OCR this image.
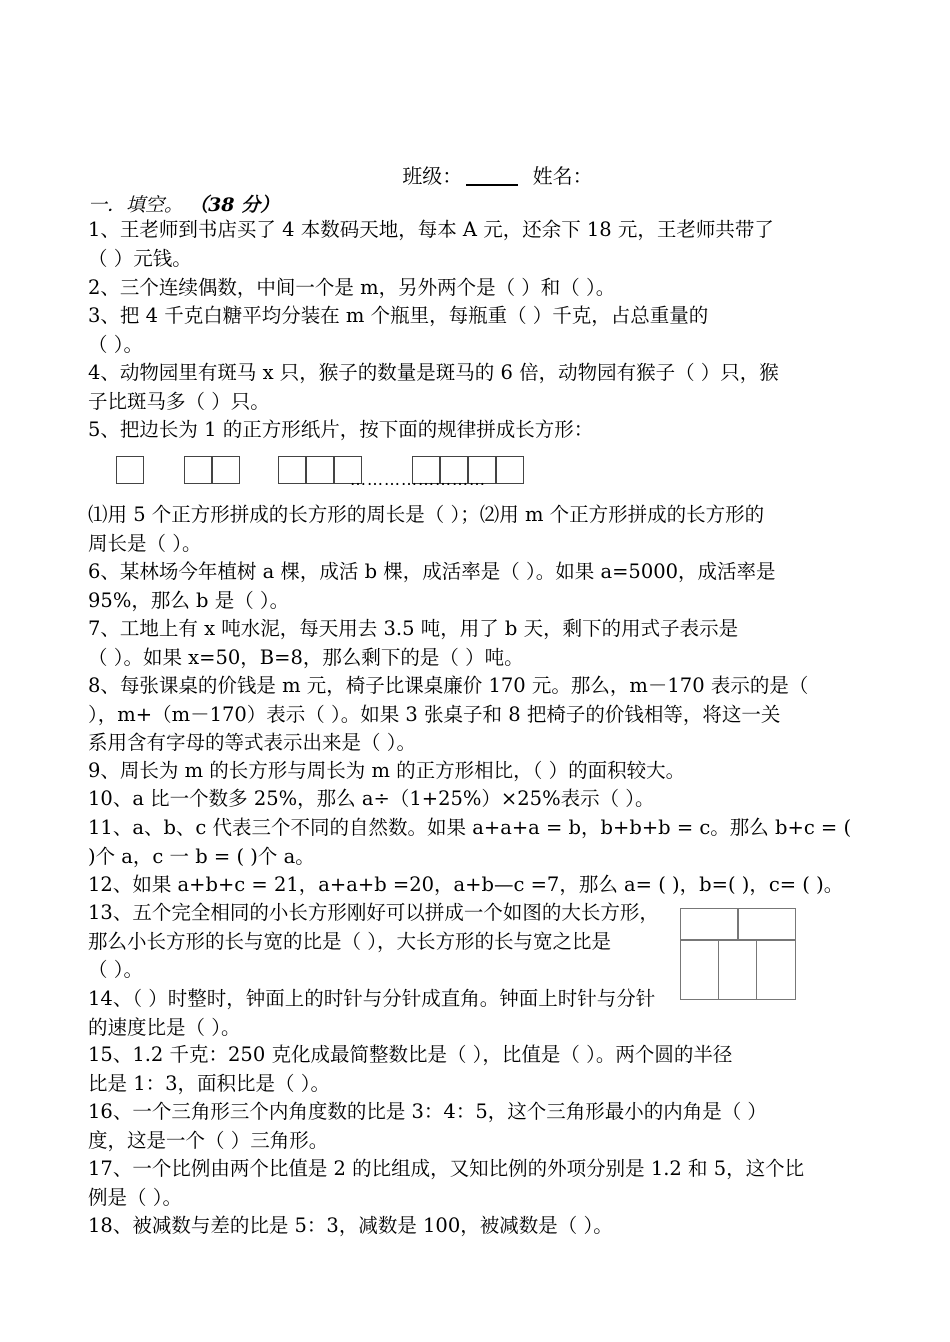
班级：	姓名：
一．填空。 （38 分）
1、王老师到书店买了 4 本数码天地，每本 A 元，还余下 18 元，王老师共带了
（ ）元钱。
2、三个连续偶数，中间一个是 m，另外两个是（ ）和（ ）。
3、把 4 千克白糖平均分装在 m 个瓶里，每瓶重（ ）千克，占总重量的
（ ）。
4、动物园里有斑马 x 只，猴子的数量是斑马的 6 倍，动物园有猴子（ ）只，猴
子比斑马多（ ）只。
5、把边长为 1 的正方形纸片，按下面的规律拼成长方形：
……………………
⑴用 5 个正方形拼成的长方形的周长是（ ）；⑵用 m 个正方形拼成的长方形的
周长是（ ）。
6、某林场今年植树 a 棵，成活 b 棵，成活率是（ ）。如果 a=5000，成活率是
95%，那么 b 是（ ）。
7、工地上有 x 吨水泥，每天用去 3.5 吨，用了 b 天，剩下的用式子表示是
（ ）。如果 x=50，B=8，那么剩下的是（ ）吨。
8、每张课桌的价钱是 m 元，椅子比课桌廉价 170 元。那么，m－170 表示的是（
），m+（m－170）表示（ ）。如果 3 张桌子和 8 把椅子的价钱相等，将这一关
系用含有字母的等式表示出来是（ ）。
9、周长为 m 的长方形与周长为 m 的正方形相比，（ ）的面积较大。
10、a 比一个数多 25%，那么 a÷（1+25%）×25%表示（ ）。
11、a、b、c 代表三个不同的自然数。如果 a+a+a = b，b+b+b = c。那么 b+c = (
)个 a，c 一 b = ( )个 a。
12、如果 a+b+c = 21，a+a+b =20，a+b—c =7，那么 a= ( )，b=( )，c= ( )。
13、五个完全相同的小长方形刚好可以拼成一个如图的大长方形，
那么小长方形的长与宽的比是（ ），大长方形的长与宽之比是
（ ）。
14、（ ）时整时，钟面上的时针与分针成直角。钟面上时针与分针
的速度比是（ ）。
15、1.2 千克：250 克化成最简整数比是（ ），比值是（ ）。两个圆的半径
比是 1：3，面积比是（ ）。
16、一个三角形三个内角度数的比是 3：4：5，这个三角形最小的内角是（ ）
度，这是一个（ ）三角形。
17、一个比例由两个比值是 2 的比组成，又知比例的外项分别是 1.2 和 5，这个比
例是（ ）。
18、被减数与差的比是 5：3，减数是 100，被减数是（ ）。
